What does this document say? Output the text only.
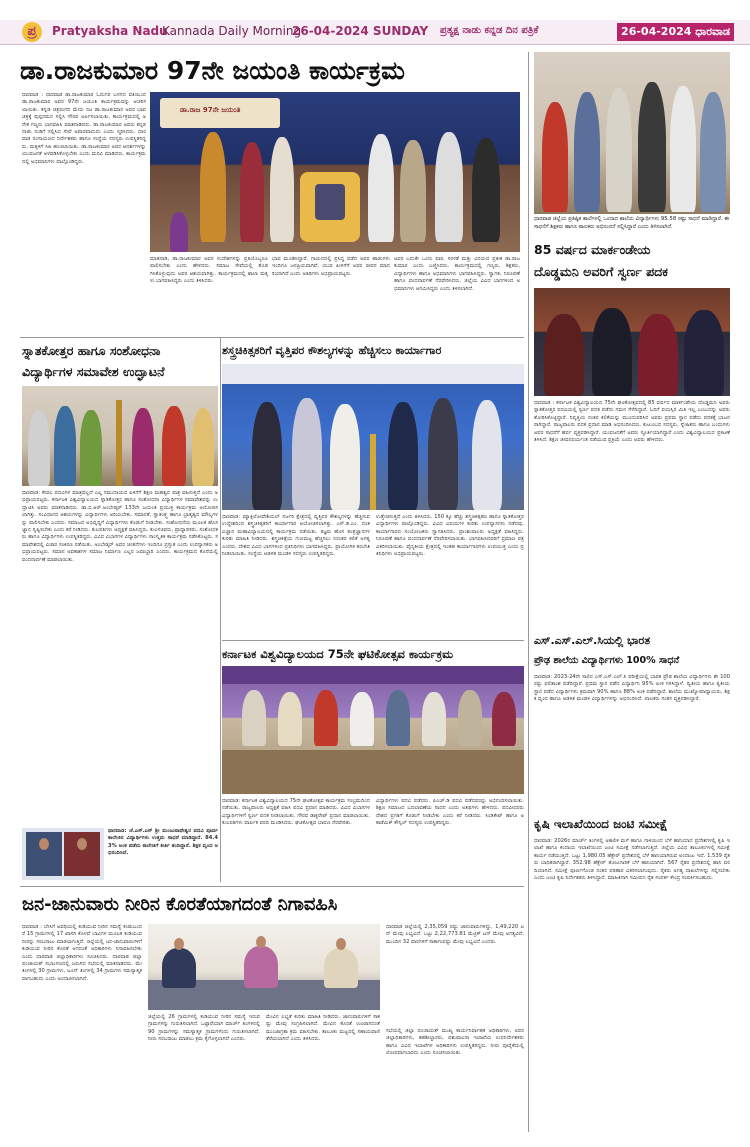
ಪ್ರ	Pratyaksha Nadu
Kannada Daily Morning
26-04-2024 SUNDAY ಪ್ರತ್ಯಕ್ಷ ನಾಡು ಕನ್ನಡ ದಿನ ಪತ್ರಿಕೆ	26-04-2024 ಧಾರವಾಡ
ಡಾ.ರಾಜಕುಮಾರ 97ನೇ ಜಯಂತಿ ಕಾರ್ಯಕ್ರಮ
ಧಾರವಾಡ : ಧಾರವಾಡ ಡಾ.ರಾಜಕುಮಾರ ಓದುಗರ ಬಳಗದ ವತಿಯಿಂದ ಡಾ.ರಾಜಕುಮಾರ ಅವರ 97ನೇ ಜಯಂತಿ ಕಾರ್ಯಕ್ರಮವನ್ನು ಆಚರಿಸಲಾಯಿತು. ಕನ್ನಡ ಚಿತ್ರರಂಗದ ಮೇರು ನಟ ಡಾ.ರಾಜಕುಮಾರ ಅವರ ಭಾವಚಿತ್ರಕ್ಕೆ ಪುಷ್ಪನಮನ ಸಲ್ಲಿಸಿ ಗೌರವ ಅರ್ಪಿಸಲಾಯಿತು. ಕಾರ್ಯಕ್ರಮದಲ್ಲಿ ಅನೇಕ ಗಣ್ಯರು ಭಾಗವಹಿಸಿ ಮಾತನಾಡಿದರು. ಡಾ.ರಾಜಕುಮಾರ ಅವರು ಕನ್ನಡ ನಾಡು ನುಡಿಗೆ ಸಲ್ಲಿಸಿದ ಸೇವೆ ಅಪಾರವಾದುದು ಎಂದು ಸ್ಮರಿಸಿದರು. ಧಾರವಾಡ ರಂಗಾಯಣದ ನಿರ್ದೇಶಕರು ಹಾಗೂ ಸಂಸ್ಥೆಯ ಸದಸ್ಯರು ಉಪಸ್ಥಿತರಿದ್ದರು. ಮಕ್ಕಳಿಗೆ ಸಿಹಿ ಹಂಚಲಾಯಿತು. ಡಾ.ರಾಜಕುಮಾರ ಅವರ ಆದರ್ಶಗಳನ್ನು ಯುವಜನತೆ ಅಳವಡಿಸಿಕೊಳ್ಳಬೇಕು ಎಂದು ಮನವಿ ಮಾಡಿದರು. ಕಾರ್ಯಕ್ರಮದಲ್ಲಿ ಅಭಿಮಾನಿಗಳು ಪಾಲ್ಗೊಂಡಿದ್ದರು.
ಡಾ.ರಾಜ 97ನೇ ಜಯಂತಿ
ಮಾತನಾಡಿ, ಡಾ.ರಾಜಕುಮಾರ ಅವರ ಸಂದೇಶಗಳನ್ನು ಪ್ರತಿಯೊಬ್ಬರೂ ಪಾಲಿಸಬೇಕು ಎಂದು ಹೇಳಿದರು. ಸಮಾಜ ಸೇವೆಯಲ್ಲಿ ತೊಡಗಿಸಿಕೊಳ್ಳುವುದು ಅವರ ಆಶಯವಾಗಿತ್ತು. ಕಾರ್ಯಕ್ರಮದಲ್ಲಿ ಶಾಲಾ ಮಕ್ಕಳು ಭಾಗವಹಿಸಿದ್ದರು ಎಂದು ತಿಳಿಸಿದರು.
ಭಾವ ಮೂಡಿಸಿದ್ದಾರೆ. ಗಾಯನದಲ್ಲಿ ಪ್ರಸಿದ್ಧ ಪಡೆದ ಅವರ ಹಾಡುಗಳು ಇಂದಿಗೂ ಜನಪ್ರಿಯವಾಗಿವೆ. ಯುವ ಪೀಳಿಗೆಗೆ ಅವರ ಜೀವನ ಮಾದರಿಯಾಗಿದೆ ಎಂದು ಅತಿಥಿಗಳು ಅಭಿಪ್ರಾಯಪಟ್ಟರು.
ಅವರ ಬದುಕೇ ಒಂದು ಪಾಠ, ಸರಳತೆ ಮತ್ತು ವಿನಯದ ಪ್ರತೀಕ ಡಾ.ರಾಜಕುಮಾರ ಎಂದು ಬಣ್ಣಿಸಿದರು. ಕಾರ್ಯಕ್ರಮದಲ್ಲಿ ಗಣ್ಯರು, ಶಿಕ್ಷಕರು, ವಿದ್ಯಾರ್ಥಿಗಳು ಹಾಗೂ ಅಭಿಮಾನಿಗಳು ಭಾಗವಹಿಸಿದ್ದರು. ಸ್ವಾಗತ, ನಿರೂಪಣೆ ಹಾಗೂ ವಂದನಾರ್ಪಣೆ ನೆರವೇರಿಸಿದರು. ಜಿಲ್ಲೆಯ ವಿವಿಧ ಭಾಗಗಳಿಂದ ಅಭಿಮಾನಿಗಳು ಆಗಮಿಸಿದ್ದರು ಎಂದು ತಿಳಿಸಲಾಗಿದೆ.
ಧಾರವಾಡ ಜಿಲ್ಲೆಯ ಪ್ರತಿಷ್ಠಿತ ಶಾಲೆಗಳಲ್ಲಿ ಒಂದಾದ ಶಾಲೆಯ ವಿದ್ಯಾರ್ಥಿಗಳು 95.58 ರಷ್ಟು ಸಾಧನೆ ಮಾಡಿದ್ದಾರೆ. ಈ ಸಾಧನೆಗೆ ಶಿಕ್ಷಕರು ಹಾಗೂ ಪಾಲಕರು ಅಭಿನಂದನೆ ಸಲ್ಲಿಸಿದ್ದಾರೆ ಎಂದು ತಿಳಿಸಲಾಗಿದೆ.
85 ವರ್ಷದ ಮಾರ್ಕಂಡೇಯ
ದೊಡ್ಡಮನಿ ಅವರಿಗೆ ಸ್ವರ್ಣ ಪದಕ
ಧಾರವಾಡ : ಕರ್ನಾಟಕ ವಿಶ್ವವಿದ್ಯಾಲಯದ 75ನೇ ಘಟಿಕೋತ್ಸವದಲ್ಲಿ 85 ವರ್ಷದ ಮಾರ್ಕಂಡೇಯ ದೊಡ್ಡಮನಿ ಅವರು ಸ್ನಾತಕೋತ್ತರ ಪದವಿಯಲ್ಲಿ ಸ್ವರ್ಣ ಪದಕ ಪಡೆದು ಗಮನ ಸೆಳೆದಿದ್ದಾರೆ. ಓದಿಗೆ ವಯಸ್ಸಿನ ಮಿತಿ ಇಲ್ಲ ಎಂಬುದನ್ನು ಅವರು ತೋರಿಸಿಕೊಟ್ಟಿದ್ದಾರೆ. ನಿವೃತ್ತಿಯ ನಂತರ ಕಲಿಕೆಯನ್ನು ಮುಂದುವರಿಸಿದ ಅವರು ಪ್ರಥಮ ಸ್ಥಾನ ಪಡೆದು ಪದಕಕ್ಕೆ ಭಾಜನರಾಗಿದ್ದಾರೆ. ರಾಜ್ಯಪಾಲರು ಪದಕ ಪ್ರದಾನ ಮಾಡಿ ಅಭಿನಂದಿಸಿದರು. ಕುಟುಂಬದ ಸದಸ್ಯರು, ಸ್ನೇಹಿತರು ಹಾಗೂ ಬಂಧುಗಳು ಅವರ ಸಾಧನೆಗೆ ಹರ್ಷ ವ್ಯಕ್ತಪಡಿಸಿದ್ದಾರೆ. ಯುವಜನತೆಗೆ ಅವರು ಸ್ಫೂರ್ತಿಯಾಗಿದ್ದಾರೆ ಎಂದು ವಿಶ್ವವಿದ್ಯಾಲಯದ ಪ್ರಕಟಣೆ ತಿಳಿಸಿದೆ. ಶಿಕ್ಷಣ ಜೀವನಪರ್ಯಂತ ನಡೆಯುವ ಪ್ರಕ್ರಿಯೆ ಎಂದು ಅವರು ಹೇಳಿದರು.
ಸ್ನಾತಕೋತ್ತರ ಹಾಗೂ ಸಂಶೋಧನಾ
ವಿದ್ಯಾರ್ಥಿಗಳ ಸಮಾವೇಶ ಉದ್ಘಾಟನೆ
ಧಾರವಾಡ: ಕೇವಲ ಪದವಿಗಳ ಮಾತ್ರವಲ್ಲದೆ ಎಲ್ಲ ಸಮುದಾಯದ ಏಳಿಗೆಗೆ ಶಿಕ್ಷಣ ಮಹತ್ವದ ಪಾತ್ರ ವಹಿಸುತ್ತದೆ ಎಂದು ಅಭಿಪ್ರಾಯಪಟ್ಟರು. ಕರ್ನಾಟಕ ವಿಶ್ವವಿದ್ಯಾಲಯದ ಸ್ನಾತಕೋತ್ತರ ಹಾಗೂ ಸಂಶೋಧನಾ ವಿದ್ಯಾರ್ಥಿಗಳ ಸಮಾವೇಶವನ್ನು ಉದ್ಘಾಟಿಸಿ ಅವರು ಮಾತನಾಡಿದರು. ಡಾ.ಬಿ.ಆರ್.ಅಂಬೇಡ್ಕರ್ 133ನೇ ಜಯಂತಿ ಪ್ರಯುಕ್ತ ಕಾರ್ಯಕ್ರಮ ಆಯೋಜಿಸಲಾಗಿತ್ತು. ಸಂವಿಧಾನದ ಆಶಯಗಳನ್ನು ವಿದ್ಯಾರ್ಥಿಗಳು ಅರಿಯಬೇಕು. ಸಮಾನತೆ, ಸ್ವಾತಂತ್ರ್ಯ ಹಾಗೂ ಭ್ರಾತೃತ್ವದ ಮೌಲ್ಯಗಳನ್ನು ಪಾಲಿಸಬೇಕು ಎಂದರು. ಸಮಾಜದ ಅಭಿವೃದ್ಧಿಗೆ ವಿದ್ಯಾರ್ಥಿಗಳು ಕೊಡುಗೆ ನೀಡಬೇಕು. ಸಂಶೋಧನೆಯ ಮೂಲಕ ಹೊಸ ಜ್ಞಾನ ಸೃಷ್ಟಿಸಬೇಕು ಎಂದು ಕರೆ ನೀಡಿದರು. ಕುಲಪತಿಗಳು ಅಧ್ಯಕ್ಷತೆ ವಹಿಸಿದ್ದರು. ಕುಲಸಚಿವರು, ಪ್ರಾಧ್ಯಾಪಕರು, ಸಂಶೋಧಕರು ಹಾಗೂ ವಿದ್ಯಾರ್ಥಿಗಳು ಉಪಸ್ಥಿತರಿದ್ದರು. ವಿವಿಧ ವಿಭಾಗಗಳ ವಿದ್ಯಾರ್ಥಿಗಳು ಸಾಂಸ್ಕೃತಿಕ ಕಾರ್ಯಕ್ರಮ ನಡೆಸಿಕೊಟ್ಟರು. ಸಮಾವೇಶದಲ್ಲಿ ವಿಚಾರ ಸಂಕಿರಣ ನಡೆಯಿತು. ಅಂಬೇಡ್ಕರ್ ಅವರ ಚಿಂತನೆಗಳು ಇಂದಿಗೂ ಪ್ರಸ್ತುತ ಎಂದು ಉಪನ್ಯಾಸಕರು ಅಭಿಪ್ರಾಯಪಟ್ಟರು. ಸಮಾನ ಅವಕಾಶಗಳ ಸಮಾಜ ನಿರ್ಮಾಣ ಎಲ್ಲರ ಜವಾಬ್ದಾರಿ ಎಂದರು. ಕಾರ್ಯಕ್ರಮದ ಕೊನೆಯಲ್ಲಿ ವಂದನಾರ್ಪಣೆ ಮಾಡಲಾಯಿತು.
ಧಾರವಾಡ: ಜೆ.ಎಸ್.ಎಸ್ ಶ್ರೀ ಮಂಜುನಾಥೇಶ್ವರ ಪದವಿ ಪೂರ್ವ ಕಾಲೇಜಿನ ವಿದ್ಯಾರ್ಥಿಗಳು ಉತ್ತಮ ಸಾಧನೆ ಮಾಡಿದ್ದಾರೆ. 84.43% ಅಂಕ ಪಡೆದು ಕಾಲೇಜಿಗೆ ಕೀರ್ತಿ ತಂದಿದ್ದಾರೆ. ಶಿಕ್ಷಕ ವೃಂದ ಅಭಿನಂದಿಸಿದೆ.
ಶಸ್ತ್ರಚಿಕಿತ್ಸಕರಿಗೆ ವೃತ್ತಿಪರ ಕೌಶಲ್ಯಗಳನ್ನು ಹೆಚ್ಚಿಸಲು ಕಾರ್ಯಾಗಾರ
ಧಾರವಾಡ: ಮ್ಯಾಕ್ಸಿಲೋಫೇಶಿಯಲ್ ಸರ್ಜರಿ ಕ್ಷೇತ್ರದಲ್ಲಿ ವೃತ್ತಿಪರ ಕೌಶಲ್ಯಗಳನ್ನು ಹೆಚ್ಚಿಸುವ ಉದ್ದೇಶದಿಂದ ಶಸ್ತ್ರಚಿಕಿತ್ಸಕರಿಗೆ ಕಾರ್ಯಾಗಾರ ಆಯೋಜಿಸಲಾಗಿತ್ತು. ಎಸ್.ಡಿ.ಎಂ. ದಂತ ವಿಜ್ಞಾನ ಮಹಾವಿದ್ಯಾಲಯದಲ್ಲಿ ಕಾರ್ಯಕ್ರಮ ನಡೆಯಿತು. ತಜ್ಞರು ಹೊಸ ತಂತ್ರಜ್ಞಾನಗಳ ಕುರಿತು ಮಾಹಿತಿ ನೀಡಿದರು. ಶಸ್ತ್ರಚಿಕಿತ್ಸೆಯ ಗುಣಮಟ್ಟ ಹೆಚ್ಚಿಸಲು ನಿರಂತರ ಕಲಿಕೆ ಅಗತ್ಯ ಎಂದರು. ದೇಶದ ವಿವಿಧ ಭಾಗಗಳಿಂದ ಪ್ರತಿನಿಧಿಗಳು ಭಾಗವಹಿಸಿದ್ದರು. ಪ್ರಾಯೋಗಿಕ ತರಬೇತಿ ನೀಡಲಾಯಿತು. ಸಂಸ್ಥೆಯ ಆಡಳಿತ ಮಂಡಳಿ ಸದಸ್ಯರು ಉಪಸ್ಥಿತರಿದ್ದರು.
ಉತ್ತೇಜಿಸುತ್ತದೆ ಎಂದು ತಿಳಿಸಿದರು. 150 ಕ್ಕೂ ಹೆಚ್ಚು ಶಸ್ತ್ರಚಿಕಿತ್ಸಕರು ಹಾಗೂ ಸ್ನಾತಕೋತ್ತರ ವಿದ್ಯಾರ್ಥಿಗಳು ಪಾಲ್ಗೊಂಡಿದ್ದರು. ವಿವಿಧ ವಿಷಯಗಳ ಕುರಿತು ಉಪನ್ಯಾಸಗಳು ನಡೆದವು. ಕಾರ್ಯಾಗಾರದ ಸಂಯೋಜಕರು ಸ್ವಾಗತಿಸಿದರು. ಪ್ರಾಂಶುಪಾಲರು ಅಧ್ಯಕ್ಷತೆ ವಹಿಸಿದ್ದರು. ನಿರೂಪಣೆ ಹಾಗೂ ವಂದನಾರ್ಪಣೆ ನೆರವೇರಿಸಲಾಯಿತು. ಭಾಗವಹಿಸಿದವರಿಗೆ ಪ್ರಮಾಣ ಪತ್ರ ವಿತರಿಸಲಾಯಿತು. ವೈದ್ಯಕೀಯ ಕ್ಷೇತ್ರದಲ್ಲಿ ಇಂತಹ ಕಾರ್ಯಾಗಾರಗಳು ಉಪಯುಕ್ತ ಎಂದು ಪ್ರತಿನಿಧಿಗಳು ಅಭಿಪ್ರಾಯಪಟ್ಟರು.
ಎಸ್.ಎಸ್.ಎಲ್.ಸಿಯಲ್ಲಿ ಭಾರತ
ಪ್ರೌಢ ಶಾಲೆಯ ವಿದ್ಯಾರ್ಥಿಗಳು 100% ಸಾಧನೆ
ಧಾರವಾಡ: 2023-24ನೇ ಸಾಲಿನ ಎಸ್.ಎಸ್.ಎಲ್.ಸಿ ಪರೀಕ್ಷೆಯಲ್ಲಿ ಭಾರತ ಪ್ರೌಢ ಶಾಲೆಯ ವಿದ್ಯಾರ್ಥಿಗಳು ಶೇ 100 ರಷ್ಟು ಫಲಿತಾಂಶ ಪಡೆದಿದ್ದಾರೆ. ಪ್ರಥಮ ಸ್ಥಾನ ಪಡೆದ ವಿದ್ಯಾರ್ಥಿನಿ 95% ಅಂಕ ಗಳಿಸಿದ್ದಾಳೆ. ದ್ವಿತೀಯ ಹಾಗೂ ತೃತೀಯ ಸ್ಥಾನ ಪಡೆದ ವಿದ್ಯಾರ್ಥಿಗಳು ಕ್ರಮವಾಗಿ 90% ಹಾಗೂ 88% ಅಂಕ ಪಡೆದಿದ್ದಾರೆ. ಶಾಲೆಯ ಮುಖ್ಯೋಪಾಧ್ಯಾಯರು, ಶಿಕ್ಷಕ ವೃಂದ ಹಾಗೂ ಆಡಳಿತ ಮಂಡಳಿ ವಿದ್ಯಾರ್ಥಿಗಳನ್ನು ಅಭಿನಂದಿಸಿದೆ. ಪಾಲಕರು ಸಂತಸ ವ್ಯಕ್ತಪಡಿಸಿದ್ದಾರೆ.
ಕೃಷಿ ಇಲಾಖೆಯಿಂದ ಜಂಟಿ ಸಮೀಕ್ಷೆ
ಧಾರವಾಡ: 2026ರ ಮಾರ್ಚ್ ತಿಂಗಳಲ್ಲಿ ಅಕಾಲಿಕ ಮಳೆ ಹಾಗೂ ಗಾಳಿಯಿಂದ ಬೆಳೆ ಹಾನಿಯಾದ ಪ್ರದೇಶಗಳಲ್ಲಿ ಕೃಷಿ ಇಲಾಖೆ ಹಾಗೂ ಕಂದಾಯ ಇಲಾಖೆಯಿಂದ ಜಂಟಿ ಸಮೀಕ್ಷೆ ನಡೆಸಲಾಗುತ್ತಿದೆ. ಜಿಲ್ಲೆಯ ವಿವಿಧ ತಾಲೂಕುಗಳಲ್ಲಿ ಸಮೀಕ್ಷೆ ಕಾರ್ಯ ನಡೆಯುತ್ತಿದೆ. ಒಟ್ಟು 1,980.05 ಹೆಕ್ಟೇರ್ ಪ್ರದೇಶದಲ್ಲಿ ಬೆಳೆ ಹಾನಿಯಾಗಿರುವ ಅಂದಾಜು ಇದೆ. 1,539 ರೈತರು ಬಾಧಿತರಾಗಿದ್ದಾರೆ. 352.98 ಹೆಕ್ಟೇರ್ ತೋಟಗಾರಿಕೆ ಬೆಳೆ ಹಾನಿಯಾಗಿದೆ. 567 ರೈತರ ಪ್ರದೇಶದಲ್ಲಿ ಹಾನಿ ವರದಿಯಾಗಿದೆ. ಸಮೀಕ್ಷೆ ಪೂರ್ಣಗೊಂಡ ನಂತರ ಪರಿಹಾರ ವಿತರಿಸಲಾಗುವುದು. ರೈತರು ಅಗತ್ಯ ದಾಖಲೆಗಳನ್ನು ಸಲ್ಲಿಸಬೇಕು ಎಂದು ಜಂಟಿ ಕೃಷಿ ನಿರ್ದೇಶಕರು ತಿಳಿಸಿದ್ದಾರೆ. ಮಾಹಿತಿಗಾಗಿ ಸಮೀಪದ ರೈತ ಸಂಪರ್ಕ ಕೇಂದ್ರ ಸಂಪರ್ಕಿಸಬಹುದು.
ಕರ್ನಾಟಕ ವಿಶ್ವವಿದ್ಯಾಲಯದ 75ನೇ ಘಟಿಕೋತ್ಸವ ಕಾರ್ಯಕ್ರಮ
ಧಾರವಾಡ: ಕರ್ನಾಟಕ ವಿಶ್ವವಿದ್ಯಾಲಯದ 75ನೇ ಘಟಿಕೋತ್ಸವ ಕಾರ್ಯಕ್ರಮ ಸಂಭ್ರಮದಿಂದ ನಡೆಯಿತು. ರಾಜ್ಯಪಾಲರು ಅಧ್ಯಕ್ಷತೆ ವಹಿಸಿ ಪದವಿ ಪ್ರದಾನ ಮಾಡಿದರು. ವಿವಿಧ ವಿಭಾಗಗಳ ವಿದ್ಯಾರ್ಥಿಗಳಿಗೆ ಸ್ವರ್ಣ ಪದಕ ನೀಡಲಾಯಿತು. ಗೌರವ ಡಾಕ್ಟರೇಟ್ ಪ್ರದಾನ ಮಾಡಲಾಯಿತು. ಕುಲಪತಿಗಳು ವಾರ್ಷಿಕ ವರದಿ ಮಂಡಿಸಿದರು. ಘಟಿಕೋತ್ಸವ ಭಾಷಣ ನೆರವೇರಿತು.
ವಿದ್ಯಾರ್ಥಿಗಳು ಪದವಿ ಪಡೆದರು. ಪಿಎಚ್.ಡಿ ಪದವಿ ಪಡೆದವರನ್ನು ಅಭಿನಂದಿಸಲಾಯಿತು. ಶಿಕ್ಷಣ ಸಮಾಜದ ಬದಲಾವಣೆಯ ಸಾಧನ ಎಂದು ಅತಿಥಿಗಳು ಹೇಳಿದರು. ಪದವೀಧರರು ದೇಶದ ಪ್ರಗತಿಗೆ ಕೊಡುಗೆ ನೀಡಬೇಕು ಎಂದು ಕರೆ ನೀಡಿದರು. ಸಿಂಡಿಕೇಟ್ ಹಾಗೂ ಅಕಾಡೆಮಿಕ್ ಕೌನ್ಸಿಲ್ ಸದಸ್ಯರು ಉಪಸ್ಥಿತರಿದ್ದರು.
ಜನ-ಜಾನುವಾರು ನೀರಿನ ಕೊರತೆಯಾಗದಂತೆ ನಿಗಾವಹಿಸಿ
ಧಾರವಾಡ : ಬೇಸಿಗೆ ಅವಧಿಯಲ್ಲಿ ಕುಡಿಯುವ ನೀರಿನ ಸಮಸ್ಯೆ ಕಂಡುಬಂದರೆ 15 ಗ್ರಾಮಗಳಲ್ಲಿ 17 ಖಾಸಗಿ ಕೊಳವೆ ಬಾವಿಗಳ ಮೂಲಕ ಕುಡಿಯುವ ನೀರನ್ನು ಸರಬರಾಜು ಮಾಡಲಾಗುತ್ತಿದೆ. ಜಿಲ್ಲೆಯಲ್ಲಿ ಜನ-ಜಾನುವಾರುಗಳಿಗೆ ಕುಡಿಯುವ ನೀರಿನ ಕೊರತೆ ಆಗದಂತೆ ಅಧಿಕಾರಿಗಳು ನಿಗಾವಹಿಸಬೇಕು ಎಂದು ಧಾರವಾಡ ಜಿಲ್ಲಾಧಿಕಾರಿಗಳು ಸೂಚಿಸಿದರು. ಧಾರವಾಡ ಜಿಲ್ಲಾ ಪಂಚಾಯತ್ ಸಭಾಂಗಣದಲ್ಲಿ ಜರುಗಿದ ಸಭೆಯಲ್ಲಿ ಮಾತನಾಡಿದರು. ಮೇ ತಿಂಗಳಲ್ಲಿ 30 ಗ್ರಾಮಗಳು, ಜೂನ್ ತಿಂಗಳಲ್ಲಿ 34 ಗ್ರಾಮಗಳು ಸಮಸ್ಯಾತ್ಮಕವಾಗಬಹುದು ಎಂದು ಅಂದಾಜಿಸಲಾಗಿದೆ.
ಜಿಲ್ಲೆಯಲ್ಲಿ 26 ಗ್ರಾಮಗಳಲ್ಲಿ ಕುಡಿಯುವ ನೀರಿನ ಸಮಸ್ಯೆ ಇರುವ ಗ್ರಾಮಗಳನ್ನು ಗುರುತಿಸಲಾಗಿದೆ. ಒಟ್ಟಾರೆಯಾಗಿ ಮಾರ್ಚ್ ತಿಂಗಳಿನಲ್ಲಿ 90 ಗ್ರಾಮಗಳನ್ನು ಸಮಸ್ಯಾತ್ಮಕ ಗ್ರಾಮಗಳೆಂದು ಗುರುತಿಸಲಾಗಿದೆ. ನೀರು ಸರಬರಾಜು ಮಾಡಲು ಕ್ರಮ ಕೈಗೊಳ್ಳಲಾಗಿದೆ ಎಂದರು.
ಮೇವಿನ ಲಭ್ಯತೆ ಕುರಿತು ಮಾಹಿತಿ ನೀಡಿದರು. ಜಾನುವಾರುಗಳಿಗೆ ಸಾಕಷ್ಟು ಮೇವು ಸಂಗ್ರಹಿಸಲಾಗಿದೆ. ಮೇವಿನ ಕೊರತೆ ಉಂಟಾಗದಂತೆ ಮುಂಜಾಗ್ರತಾ ಕ್ರಮ ವಹಿಸಬೇಕು. ತಾಲೂಕು ಮಟ್ಟದಲ್ಲಿ ಸಹಾಯವಾಣಿ ತೆರೆಯಲಾಗಿದೆ ಎಂದು ತಿಳಿಸಿದರು.
ಧಾರವಾಡ ಜಿಲ್ಲೆಯಲ್ಲಿ 2,35,059 ರಷ್ಟು ಜಾನುವಾರುಗಳಿದ್ದು, 1,49,220 ಟನ್ ಮೇವು ಲಭ್ಯವಿದೆ. ಒಟ್ಟು 2,22,773.81 ಮೆಟ್ರಿಕ್ ಟನ್ ಮೇವು ಅಗತ್ಯವಿದೆ. ಮುಂದಿನ 32 ವಾರಗಳಿಗೆ ಸಾಕಾಗುವಷ್ಟು ಮೇವು ಲಭ್ಯವಿದೆ ಎಂದರು.
ಸಭೆಯಲ್ಲಿ ಜಿಲ್ಲಾ ಪಂಚಾಯತ್ ಮುಖ್ಯ ಕಾರ್ಯನಿರ್ವಾಹಕ ಅಧಿಕಾರಿಗಳು, ಅಪರ ಜಿಲ್ಲಾಧಿಕಾರಿಗಳು, ತಹಶೀಲ್ದಾರರು, ಪಶುಪಾಲನಾ ಇಲಾಖೆಯ ಉಪನಿರ್ದೇಶಕರು ಹಾಗೂ ವಿವಿಧ ಇಲಾಖೆಗಳ ಅಧಿಕಾರಿಗಳು ಉಪಸ್ಥಿತರಿದ್ದರು. ನೀರು ಪೂರೈಕೆಯಲ್ಲಿ ಲೋಪವಾಗಬಾರದು ಎಂದು ಸೂಚಿಸಲಾಯಿತು.
